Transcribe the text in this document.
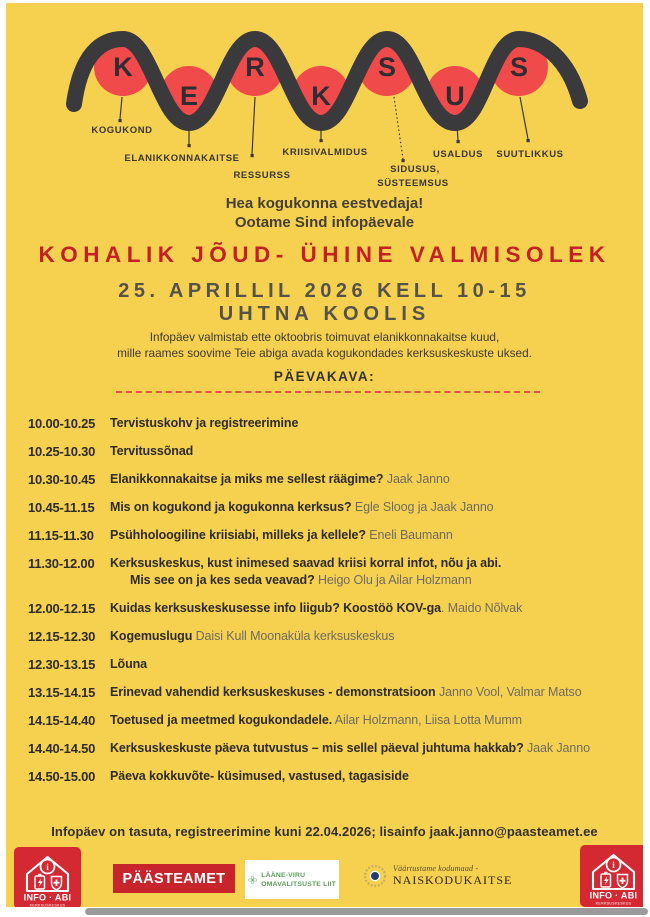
K
E
R
K
S
U
S
KOGUKOND
ELANIKKONNAKAITSE
RESSURSS
KRIISIVALMIDUS
SIDUSUS,
SÜSTEEMSUS
USALDUS SUUTLIKKUS
Hea kogukonna eestvedaja!
Ootame Sind infopäevale
KOHALIK JÕUD- ÜHINE VALMISOLEK
25. APRILLIL 2026 KELL 10-15
UHTNA KOOLIS
Infopäev valmistab ette oktoobris toimuvat elanikkonnakaitse kuud,
mille raames soovime Teie abiga avada kogukondades kerksuskeskuste uksed.
PÄEVAKAVA:
10.00-10.25	Tervistuskohv ja registreerimine
10.25-10.30	Tervitussõnad
10.30-10.45	Elanikkonnakaitse ja miks me sellest räägime? Jaak Janno
10.45-11.15	Mis on kogukond ja kogukonna kerksus? Egle Sloog ja Jaak Janno
11.15-11.30	Psühholoogiline kriisiabi, milleks ja kellele? Eneli Baumann
11.30-12.00	Kerksuskeskus, kust inimesed saavad kriisi korral infot, nõu ja abi.
Mis see on ja kes seda veavad? Heigo Olu ja Ailar Holzmann
12.00-12.15	Kuidas kerksuskeskusesse info liigub? Koostöö KOV-ga. Maido Nõlvak
12.15-12.30	Kogemuslugu Daisi Kull Moonaküla kerksuskeskus
12.30-13.15	Lõuna
13.15-14.15	Erinevad vahendid kerksuskeskuses - demonstratsioon Janno Vool, Valmar Matso
14.15-14.40	Toetused ja meetmed kogukondadele. Ailar Holzmann, Liisa Lotta Mumm
14.40-14.50	Kerksuskeskuste päeva tutvustus – mis sellel päeval juhtuma hakkab? Jaak Janno
14.50-15.00	Päeva kokkuvõte- küsimused, vastused, tagasiside
Infopäev on tasuta, registreerimine kuni 22.04.2026; lisainfo jaak.janno@paasteamet.ee
i
INFO · ABI
KERKSUSKESKUS
PÄÄSTEAMET	LÄÄNE-VIRU
OMAVALITSUSTE LIIT
Väärtustame kodumaad -
NAISKODUKAITSE
i
INFO · ABI
KERKSUSKESKUS
